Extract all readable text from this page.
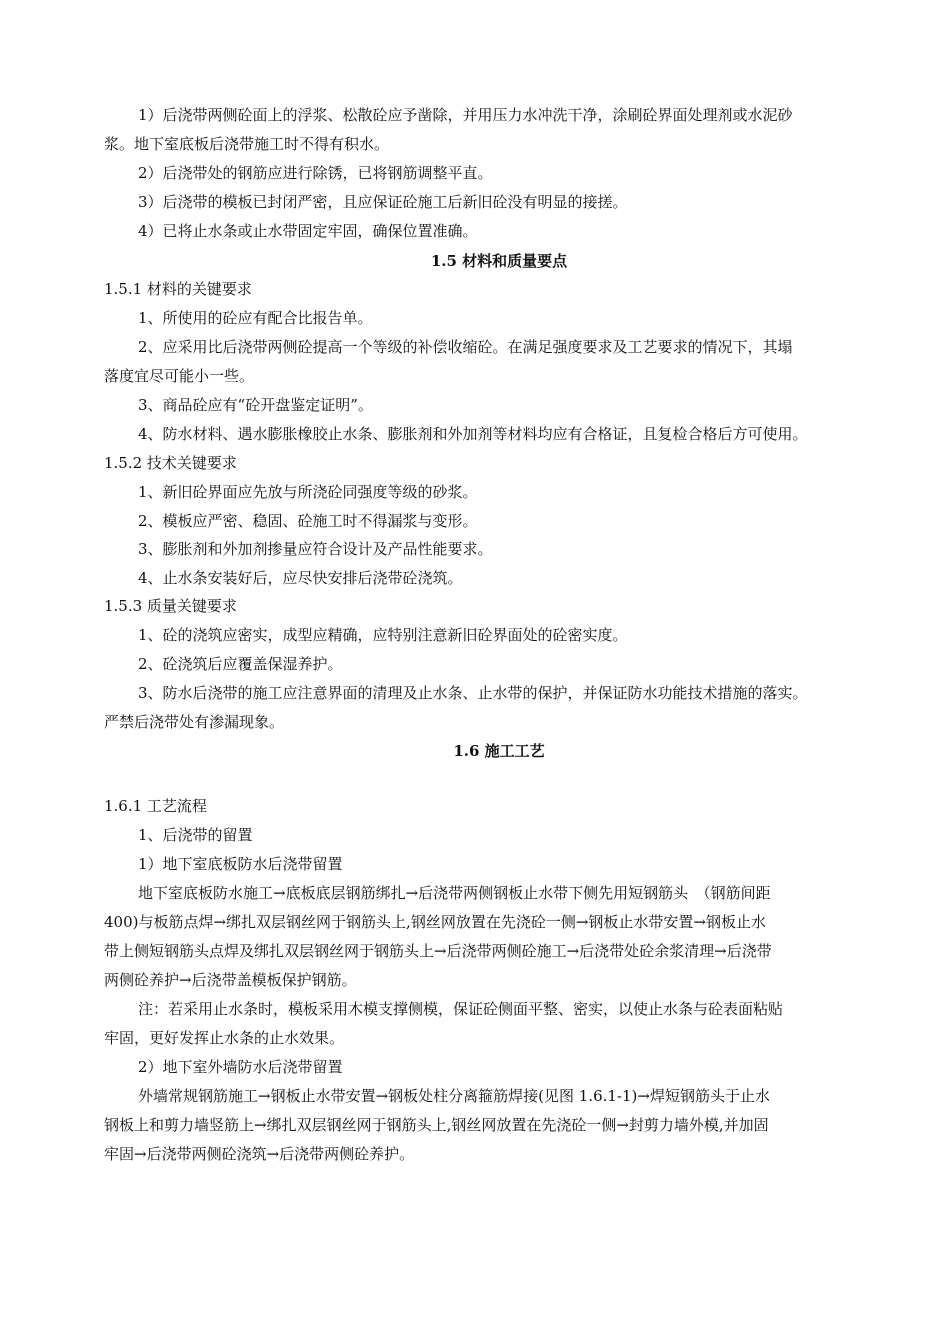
1）后浇带两侧砼面上的浮浆、松散砼应予凿除，并用压力水冲洗干净，涂刷砼界面处理剂或水泥砂
浆。地下室底板后浇带施工时不得有积水。
2）后浇带处的钢筋应进行除锈，已将钢筋调整平直。
3）后浇带的模板已封闭严密，且应保证砼施工后新旧砼没有明显的接搓。
4）已将止水条或止水带固定牢固，确保位置准确。
1.5 材料和质量要点
1.5.1 材料的关键要求
1、所使用的砼应有配合比报告单。
2、应采用比后浇带两侧砼提高一个等级的补偿收缩砼。在满足强度要求及工艺要求的情况下，其塌
落度宜尽可能小一些。
3、商品砼应有“砼开盘鉴定证明”。
4、防水材料、遇水膨胀橡胶止水条、膨胀剂和外加剂等材料均应有合格证，且复检合格后方可使用。
1.5.2 技术关键要求
1、新旧砼界面应先放与所浇砼同强度等级的砂浆。
2、模板应严密、稳固、砼施工时不得漏浆与变形。
3、膨胀剂和外加剂掺量应符合设计及产品性能要求。
4、止水条安装好后，应尽快安排后浇带砼浇筑。
1.5.3 质量关键要求
1、砼的浇筑应密实，成型应精确，应特别注意新旧砼界面处的砼密实度。
2、砼浇筑后应覆盖保湿养护。
3、防水后浇带的施工应注意界面的清理及止水条、止水带的保护，并保证防水功能技术措施的落实。
严禁后浇带处有渗漏现象。
1.6 施工工艺
1.6.1 工艺流程
1、后浇带的留置
1）地下室底板防水后浇带留置
地下室底板防水施工→底板底层钢筋绑扎→后浇带两侧钢板止水带下侧先用短钢筋头　（钢筋间距
400)与板筋点焊→绑扎双层钢丝网于钢筋头上,钢丝网放置在先浇砼一侧→钢板止水带安置→钢板止水
带上侧短钢筋头点焊及绑扎双层钢丝网于钢筋头上→后浇带两侧砼施工→后浇带处砼余浆清理→后浇带
两侧砼养护→后浇带盖模板保护钢筋。
注：若采用止水条时，模板采用木模支撑侧模，保证砼侧面平整、密实，以使止水条与砼表面粘贴
牢固，更好发挥止水条的止水效果。
2）地下室外墙防水后浇带留置
外墙常规钢筋施工→钢板止水带安置→钢板处柱分离箍筋焊接(见图 1.6.1-1)→焊短钢筋头于止水
钢板上和剪力墙竖筋上→绑扎双层钢丝网于钢筋头上,钢丝网放置在先浇砼一侧→封剪力墙外模,并加固
牢固→后浇带两侧砼浇筑→后浇带两侧砼养护。
